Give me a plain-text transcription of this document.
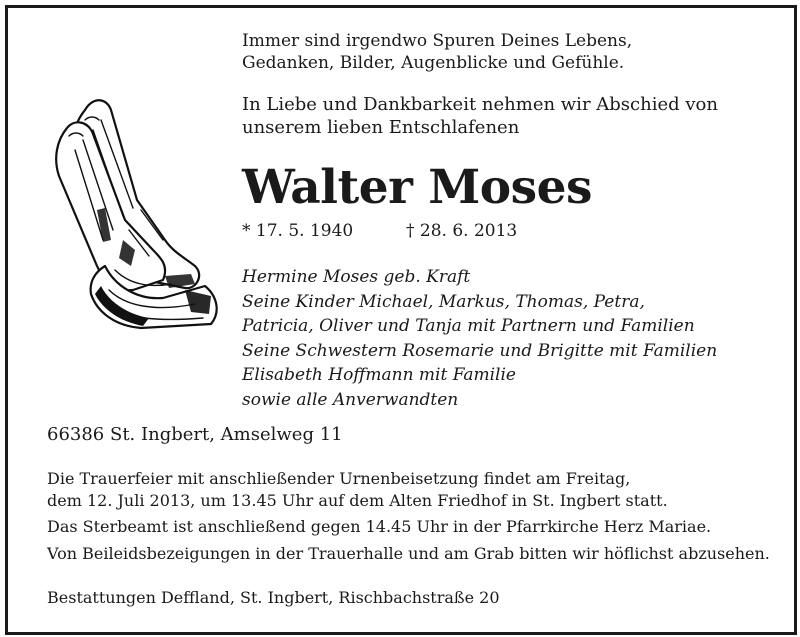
Immer sind irgendwo Spuren Deines Lebens,
Gedanken, Bilder, Augenblicke und Gefühle.
In Liebe und Dankbarkeit nehmen wir Abschied von
unserem lieben Entschlafenen
Walter Moses
* 17. 5. 1940	† 28. 6. 2013
Hermine Moses geb. Kraft
Seine Kinder Michael, Markus, Thomas, Petra,
Patricia, Oliver und Tanja mit Partnern und Familien
Seine Schwestern Rosemarie und Brigitte mit Familien
Elisabeth Hoffmann mit Familie
sowie alle Anverwandten
66386 St. Ingbert, Amselweg 11
Die Trauerfeier mit anschließender Urnenbeisetzung findet am Freitag,
dem 12. Juli 2013, um 13.45 Uhr auf dem Alten Friedhof in St. Ingbert statt.
Das Sterbeamt ist anschließend gegen 14.45 Uhr in der Pfarrkirche Herz Mariae.
Von Beileidsbezeigungen in der Trauerhalle und am Grab bitten wir höflichst abzusehen.
Bestattungen Deffland, St. Ingbert, Rischbachstraße 20
